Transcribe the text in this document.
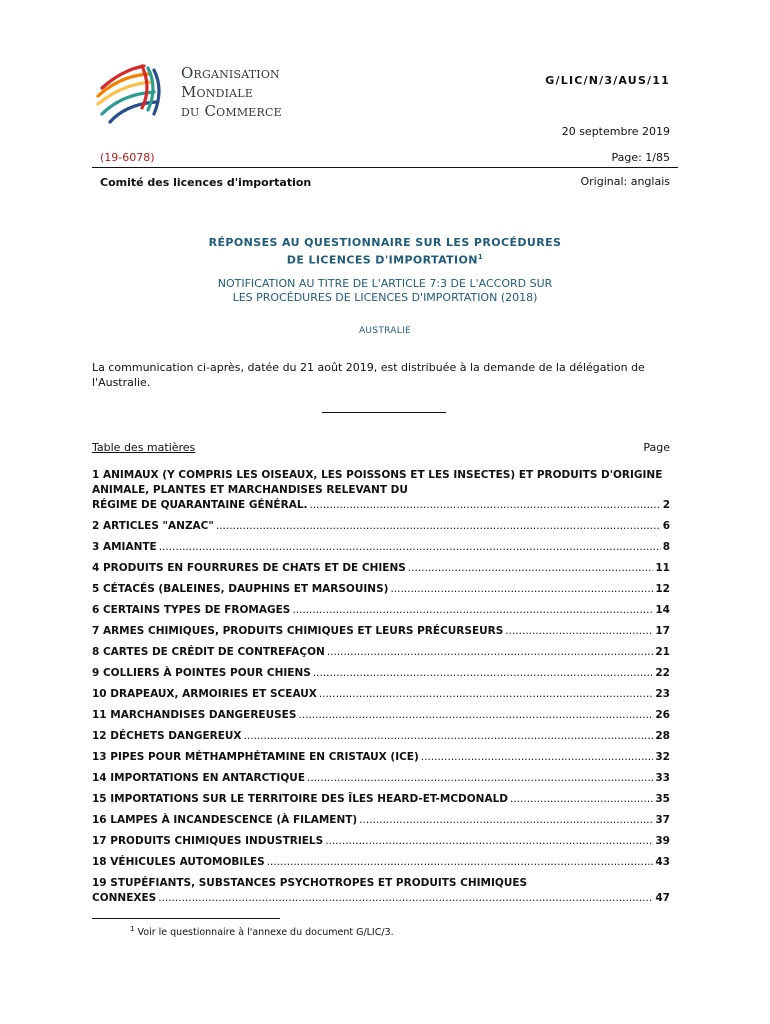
Organisation
Mondiale
du Commerce
G/LIC/N/3/AUS/11
20 septembre 2019
(19-6078)	Page: 1/85
Comité des licences d'importation	Original: anglais
RÉPONSES AU QUESTIONNAIRE SUR LES PROCÉDURES
DE LICENCES D'IMPORTATION$^1$
NOTIFICATION AU TITRE DE L'ARTICLE 7:3 DE L'ACCORD SUR
LES PROCÉDURES DE LICENCES D'IMPORTATION (2018)
AUSTRALIE
La communication ci-après, datée du 21 août 2019, est distribuée à la demande de la délégation de l'Australie.
Table des matières	Page
1 ANIMAUX (Y COMPRIS LES OISEAUX, LES POISSONS ET LES INSECTES) ET PRODUITS D'ORIGINE ANIMALE, PLANTES ET MARCHANDISES RELEVANT DU
RÉGIME DE QUARANTAINE GÉNÉRAL. .....	2
2 ARTICLES "ANZAC" .....	6
3 AMIANTE .....	8
4 PRODUITS EN FOURRURES DE CHATS ET DE CHIENS .....	11
5 CÉTACÉS (BALEINES, DAUPHINS ET MARSOUINS) .....	12
6 CERTAINS TYPES DE FROMAGES .....	14
7 ARMES CHIMIQUES, PRODUITS CHIMIQUES ET LEURS PRÉCURSEURS .....	17
8 CARTES DE CRÉDIT DE CONTREFAÇON .....	21
9 COLLIERS À POINTES POUR CHIENS .....	22
10 DRAPEAUX, ARMOIRIES ET SCEAUX .....	23
11 MARCHANDISES DANGEREUSES .....	26
12 DÉCHETS DANGEREUX .....	28
13 PIPES POUR MÉTHAMPHÉTAMINE EN CRISTAUX (ICE) .....	32
14 IMPORTATIONS EN ANTARCTIQUE .....	33
15 IMPORTATIONS SUR LE TERRITOIRE DES ÎLES HEARD-ET-MCDONALD .....	35
16 LAMPES À INCANDESCENCE (À FILAMENT) .....	37
17 PRODUITS CHIMIQUES INDUSTRIELS .....	39
18 VÉHICULES AUTOMOBILES .....	43
19 STUPÉFIANTS, SUBSTANCES PSYCHOTROPES ET PRODUITS CHIMIQUES
CONNEXES .....	47
$^1$ Voir le questionnaire à l'annexe du document G/LIC/3.
